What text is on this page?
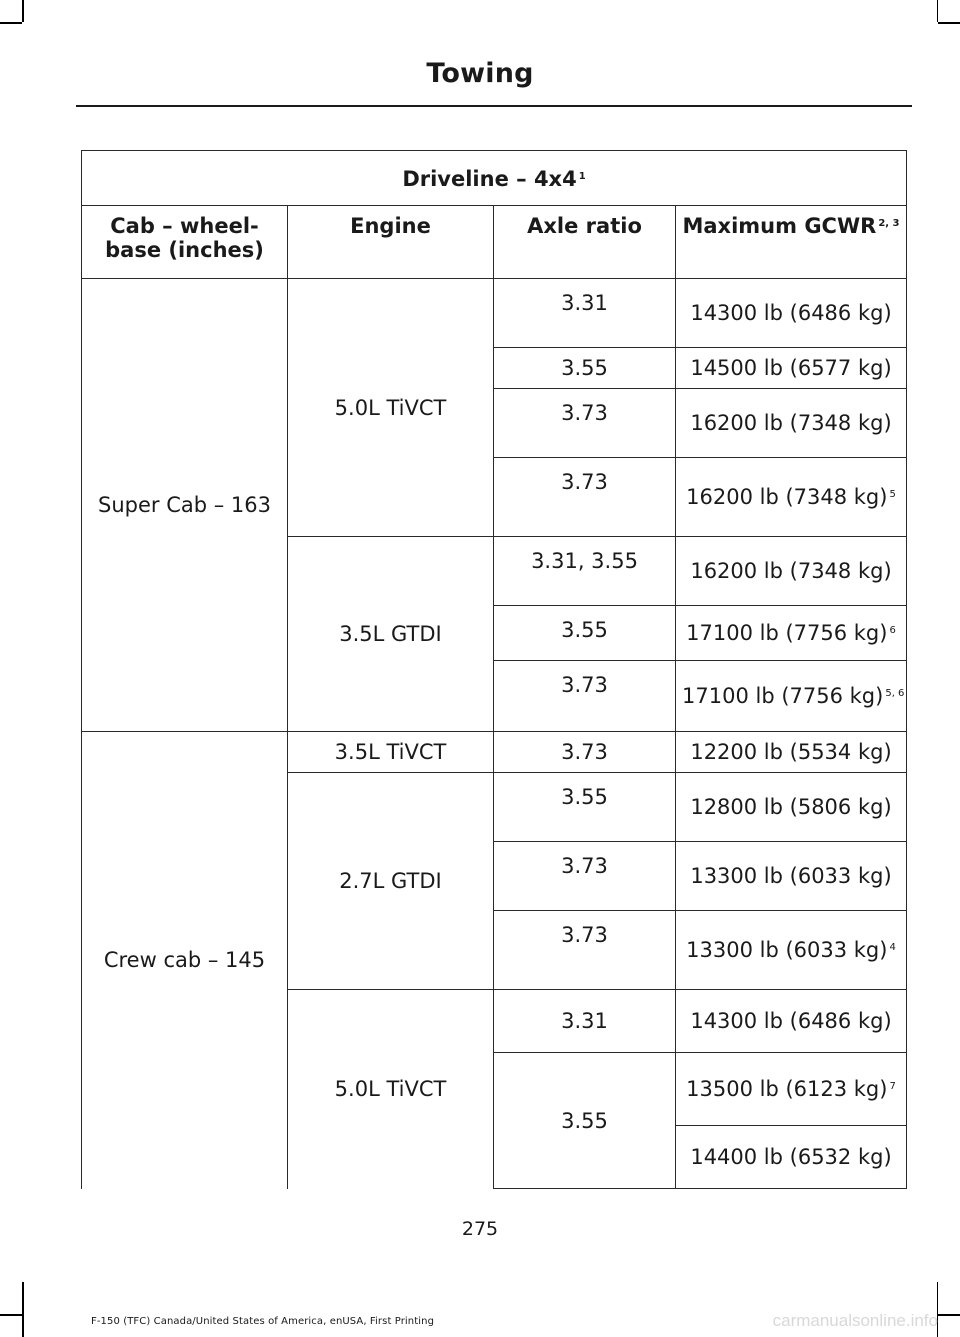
Towing
Driveline – 4x4 $^1$
Cab – wheel-base (inches)	Engine	Axle ratio	Maximum GCWR $^{2, 3}$
Super Cab – 163	5.0L TiVCT	3.31	14300 lb (6486 kg)
		3.55	14500 lb (6577 kg)
		3.73	16200 lb (7348 kg)
		3.73	16200 lb (7348 kg) $^5$
	3.5L GTDI	3.31, 3.55	16200 lb (7348 kg)
		3.55	17100 lb (7756 kg) $^6$
		3.73	17100 lb (7756 kg) $^{5, 6}$
Crew cab – 145	3.5L TiVCT	3.73	12200 lb (5534 kg)
	2.7L GTDI	3.55	12800 lb (5806 kg)
		3.73	13300 lb (6033 kg)
		3.73	13300 lb (6033 kg) $^4$
	5.0L TiVCT	3.31	14300 lb (6486 kg)
		3.55	13500 lb (6123 kg) $^7$
			14400 lb (6532 kg)
275
F-150 (TFC) Canada/United States of America, enUSA, First Printing	carmanualsonline.info
